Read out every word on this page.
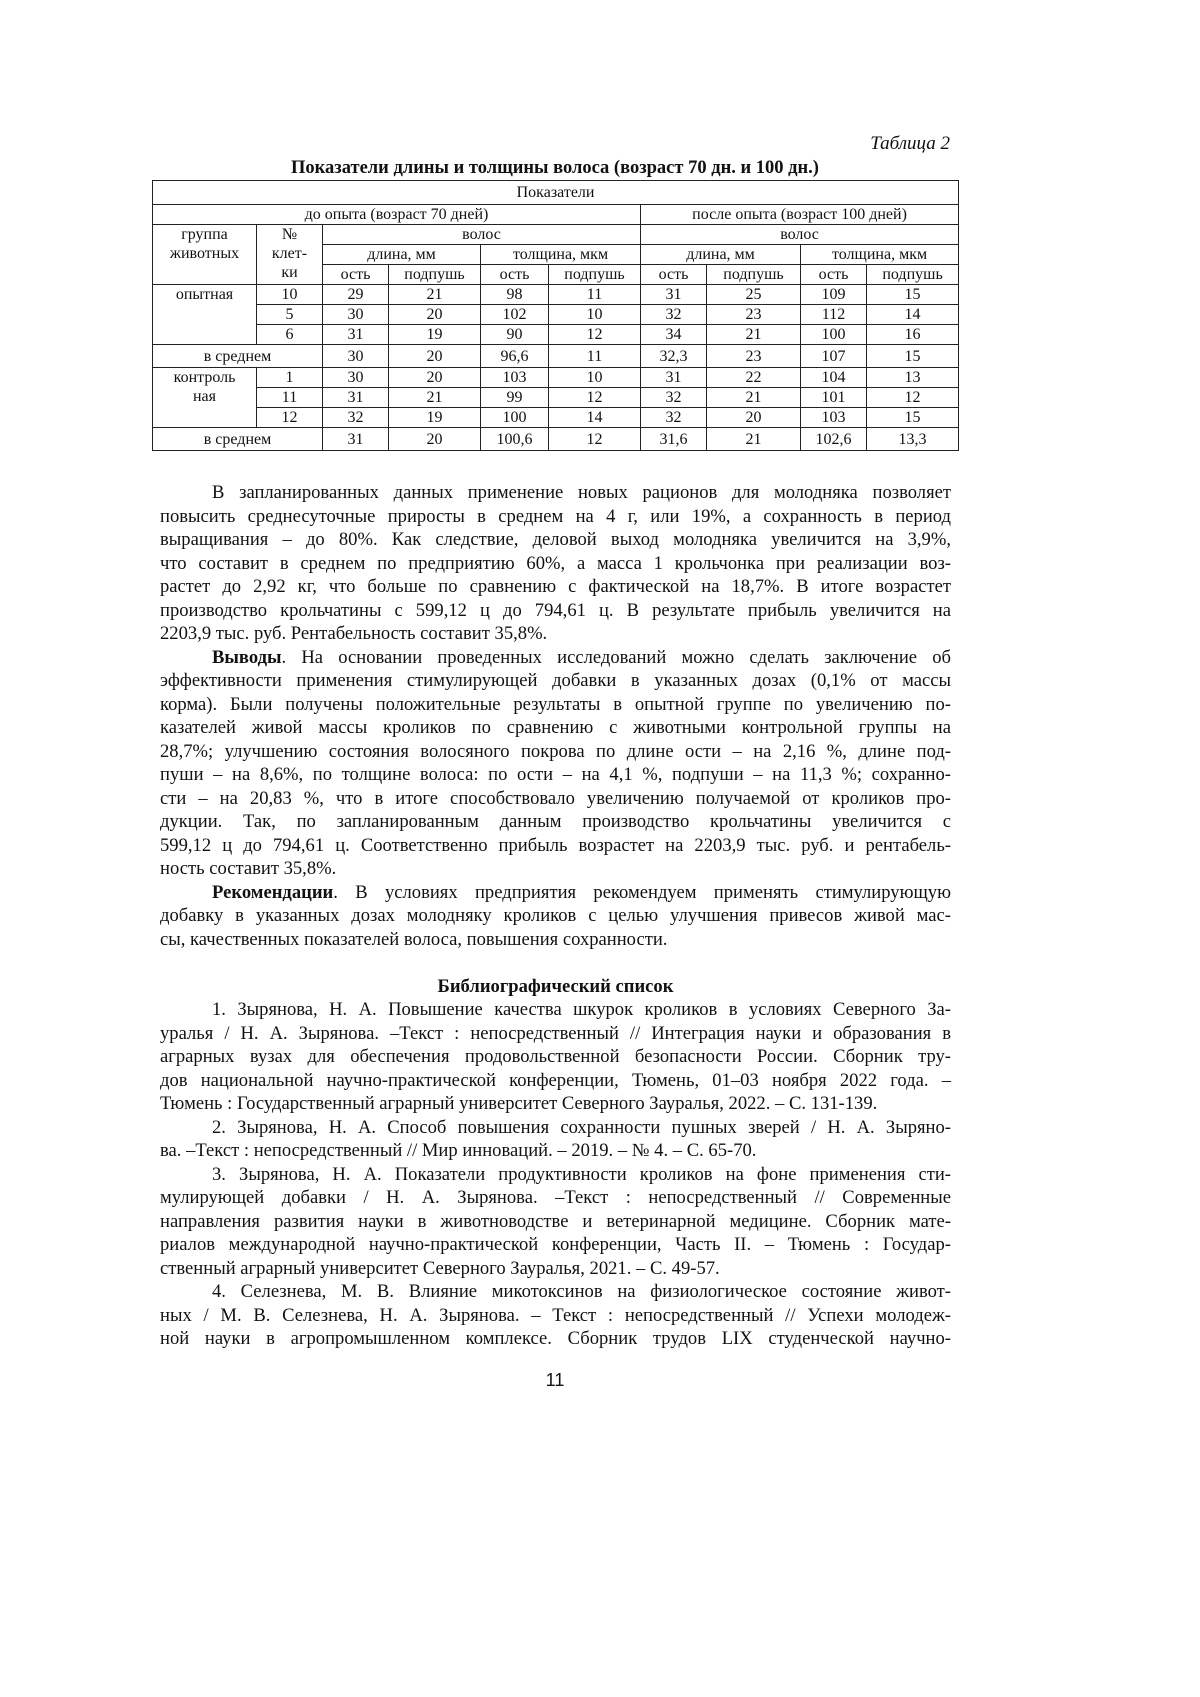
Таблица 2
Показатели длины и толщины волоса (возраст 70 дн. и 100 дн.)
Показатели
до опыта (возраст 70 дней)	после опыта (возраст 100 дней)

группа
животных

№
клет-
ки
	волос	волос
длина, мм	толщина, мкм	длина, мм	толщина, мкм
ость	подпушь	ость	подпушь	ость	подпушь	ость	подпушь

опытная	10	29	21	98	11	31	25	109	15
5	30	20	102	10	32	23	112	14
6	31	19	90	12	34	21	100	16
в среднем	30	20	96,6	11	32,3	23	107	15

контроль
ная
	1	30	20	103	10	31	22	104	13
11	31	21	99	12	32	21	101	12
12	32	19	100	14	32	20	103	15
в среднем	31	20	100,6	12	31,6	21	102,6	13,3
В запланированных данных применение новых рационов для молодняка позволяет
повысить среднесуточные приросты в среднем на 4 г, или 19%, а сохранность в период
выращивания – до 80%. Как следствие, деловой выход молодняка увеличится на 3,9%,
что составит в среднем по предприятию 60%, а масса 1 крольчонка при реализации воз-
растет до 2,92 кг, что больше по сравнению с фактической на 18,7%. В итоге возрастет
производство крольчатины с 599,12 ц до 794,61 ц. В результате прибыль увеличится на
2203,9 тыс. руб. Рентабельность составит 35,8%.
Выводы. На основании проведенных исследований можно сделать заключение об
эффективности применения стимулирующей добавки в указанных дозах (0,1% от массы
корма). Были получены положительные результаты в опытной группе по увеличению по-
казателей живой массы кроликов по сравнению с животными контрольной группы на
28,7%; улучшению состояния волосяного покрова по длине ости – на 2,16 %, длине под-
пуши – на 8,6%, по толщине волоса: по ости – на 4,1 %, подпуши – на 11,3 %; сохранно-
сти – на 20,83 %, что в итоге способствовало увеличению получаемой от кроликов про-
дукции. Так, по запланированным данным производство крольчатины увеличится с
599,12 ц до 794,61 ц. Соответственно прибыль возрастет на 2203,9 тыс. руб. и рентабель-
ность составит 35,8%.
Рекомендации. В условиях предприятия рекомендуем применять стимулирующую
добавку в указанных дозах молодняку кроликов с целью улучшения привесов живой мас-
сы, качественных показателей волоса, повышения сохранности.
Библиографический список
1. Зырянова, Н. А. Повышение качества шкурок кроликов в условиях Северного За-
уралья / Н. А. Зырянова. –Текст : непосредственный // Интеграция науки и образования в
аграрных вузах для обеспечения продовольственной безопасности России. Сборник тру-
дов национальной научно-практической конференции, Тюмень, 01–03 ноября 2022 года. –
Тюмень : Государственный аграрный университет Северного Зауралья, 2022. – С. 131-139.
2. Зырянова, Н. А. Способ повышения сохранности пушных зверей / Н. А. Зыряно-
ва. –Текст : непосредственный // Мир инноваций. – 2019. – № 4. – С. 65-70.
3. Зырянова, Н. А. Показатели продуктивности кроликов на фоне применения сти-
мулирующей добавки / Н. А. Зырянова. –Текст : непосредственный // Современные
направления развития науки в животноводстве и ветеринарной медицине. Сборник мате-
риалов международной научно-практической конференции, Часть II. – Тюмень : Государ-
ственный аграрный университет Северного Зауралья, 2021. – С. 49-57.
4. Селезнева, М. В. Влияние микотоксинов на физиологическое состояние живот-
ных / М. В. Селезнева, Н. А. Зырянова. – Текст : непосредственный // Успехи молодеж-
ной науки в агропромышленном комплексе. Сборник трудов LIX студенческой научно-
11
